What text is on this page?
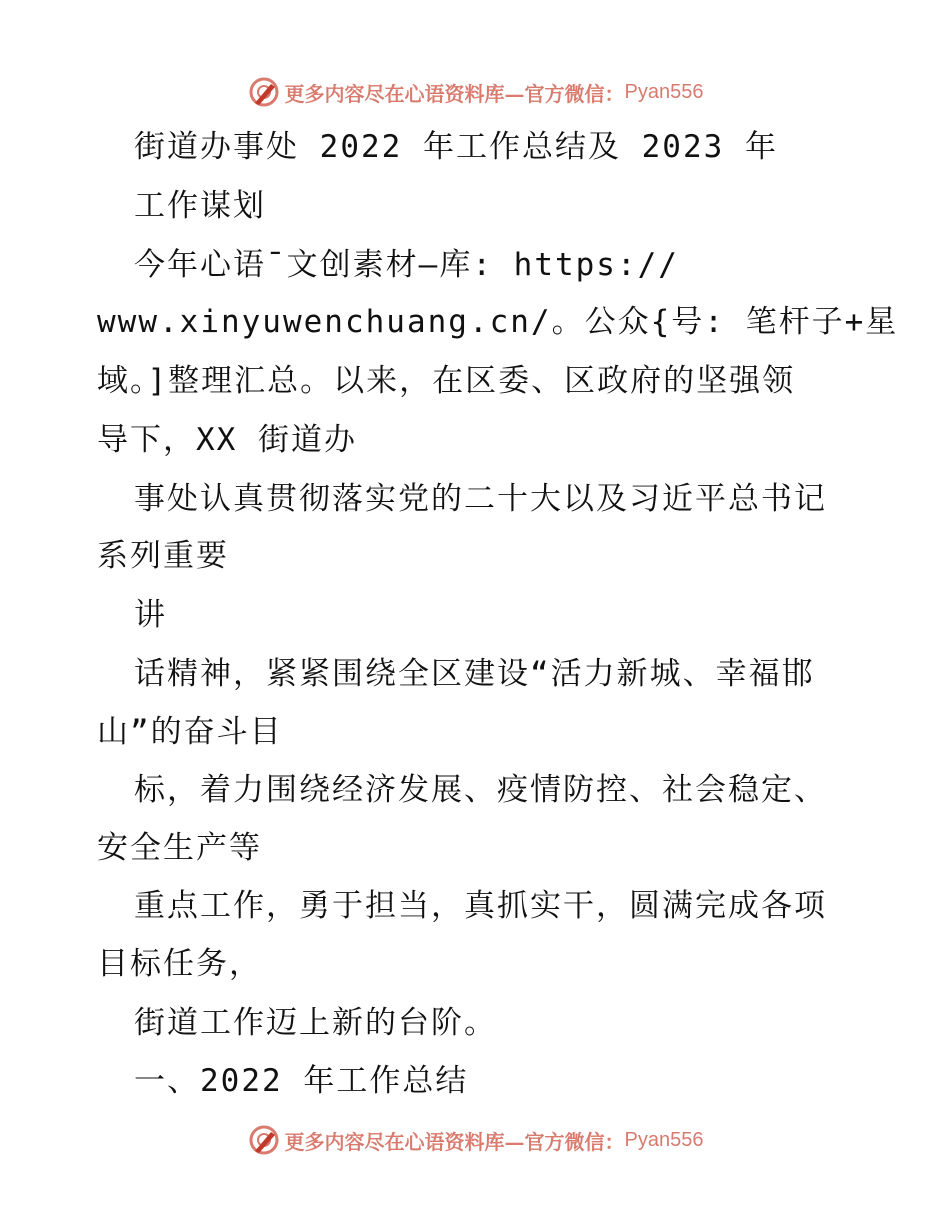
更多内容尽在心语资料库—官方微信： Pyan556

街道办事处 2022 年工作总结及 2023 年

工作谋划

今年心语¯文创素材—库: https://

www.xinyuwenchuang.cn/。公众{号: 笔杆子+星

域。]整理汇总。以来，在区委、区政府的坚强领

导下，XX 街道办

事处认真贯彻落实党的二十大以及习近平总书记

系列重要

讲

话精神，紧紧围绕全区建设“活力新城、幸福邯

山”的奋斗目

标，着力围绕经济发展、疫情防控、社会稳定、

安全生产等

重点工作，勇于担当，真抓实干，圆满完成各项

目标任务，

街道工作迈上新的台阶。

一、2022 年工作总结

更多内容尽在心语资料库—官方微信： Pyan556
